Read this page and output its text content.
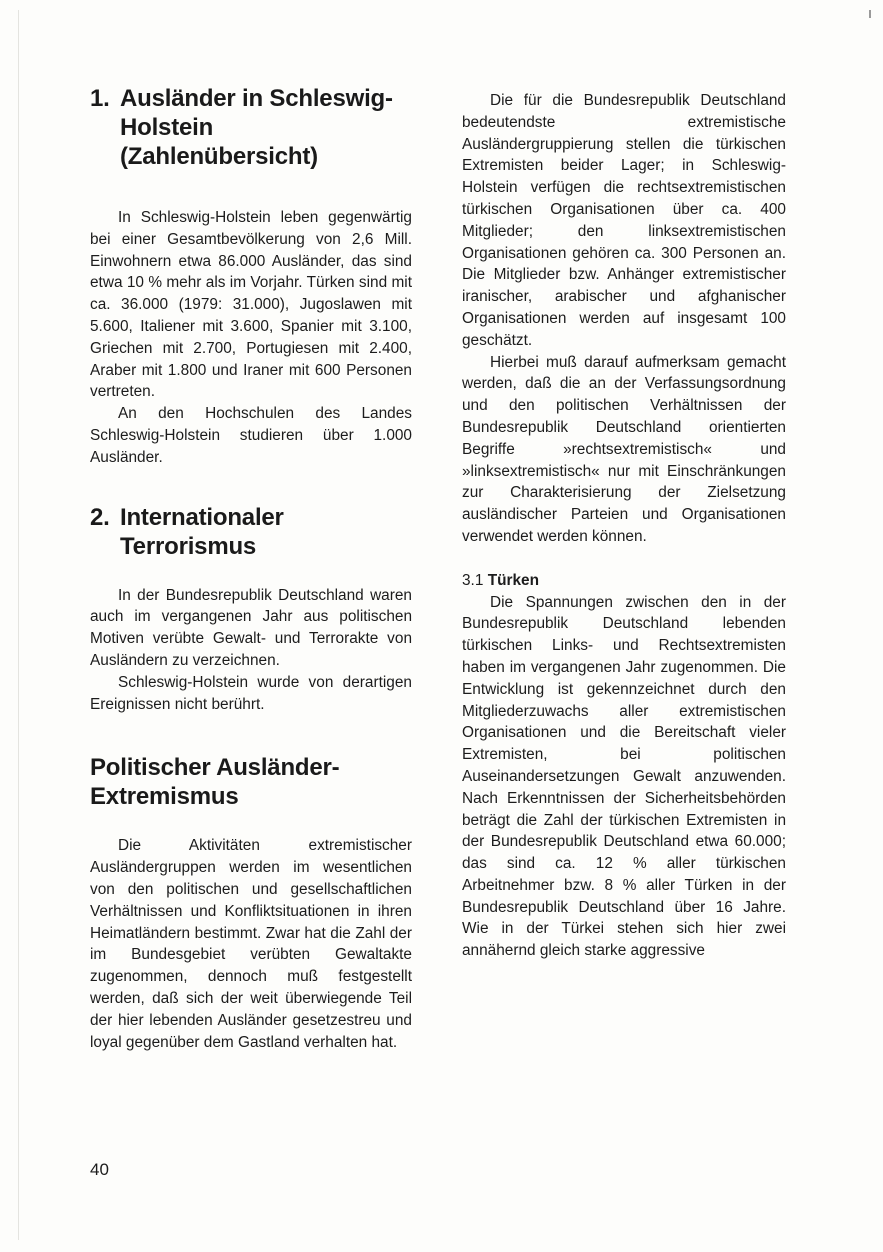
1. Ausländer in Schleswig-Holstein (Zahlenübersicht)

In Schleswig-Holstein leben gegenwärtig bei einer Gesamtbevölkerung von 2,6 Mill. Einwohnern etwa 86.000 Ausländer, das sind etwa 10 % mehr als im Vorjahr. Türken sind mit ca. 36.000 (1979: 31.000), Jugoslawen mit 5.600, Italiener mit 3.600, Spanier mit 3.100, Griechen mit 2.700, Portugiesen mit 2.400, Araber mit 1.800 und Iraner mit 600 Personen vertreten.

An den Hochschulen des Landes Schleswig-Holstein studieren über 1.000 Ausländer.

2. Internationaler Terrorismus

In der Bundesrepublik Deutschland waren auch im vergangenen Jahr aus politischen Motiven verübte Gewalt- und Terrorakte von Ausländern zu verzeichnen.

Schleswig-Holstein wurde von derartigen Ereignissen nicht berührt.

Politischer Ausländer-Extremismus

Die Aktivitäten extremistischer Ausländergruppen werden im wesentlichen von den politischen und gesellschaftlichen Verhältnissen und Konfliktsituationen in ihren Heimatländern bestimmt. Zwar hat die Zahl der im Bundesgebiet verübten Gewaltakte zugenommen, dennoch muß festgestellt werden, daß sich der weit überwiegende Teil der hier lebenden Ausländer gesetzestreu und loyal gegenüber dem Gastland verhalten hat.

Die für die Bundesrepublik Deutschland bedeutendste extremistische Ausländergruppierung stellen die türkischen Extremisten beider Lager; in Schleswig-Holstein verfügen die rechtsextremistischen türkischen Organisationen über ca. 400 Mitglieder; den linksextremistischen Organisationen gehören ca. 300 Personen an. Die Mitglieder bzw. Anhänger extremistischer iranischer, arabischer und afghanischer Organisationen werden auf insgesamt 100 geschätzt.

Hierbei muß darauf aufmerksam gemacht werden, daß die an der Verfassungsordnung und den politischen Verhältnissen der Bundesrepublik Deutschland orientierten Begriffe »rechtsextremistisch« und »linksextremistisch« nur mit Einschränkungen zur Charakterisierung der Zielsetzung ausländischer Parteien und Organisationen verwendet werden können.

3.1 Türken

Die Spannungen zwischen den in der Bundesrepublik Deutschland lebenden türkischen Links- und Rechtsextremisten haben im vergangenen Jahr zugenommen. Die Entwicklung ist gekennzeichnet durch den Mitgliederzuwachs aller extremistischen Organisationen und die Bereitschaft vieler Extremisten, bei politischen Auseinandersetzungen Gewalt anzuwenden. Nach Erkenntnissen der Sicherheitsbehörden beträgt die Zahl der türkischen Extremisten in der Bundesrepublik Deutschland etwa 60.000; das sind ca. 12 % aller türkischen Arbeitnehmer bzw. 8 % aller Türken in der Bundesrepublik Deutschland über 16 Jahre. Wie in der Türkei stehen sich hier zwei annähernd gleich starke aggressive

40
